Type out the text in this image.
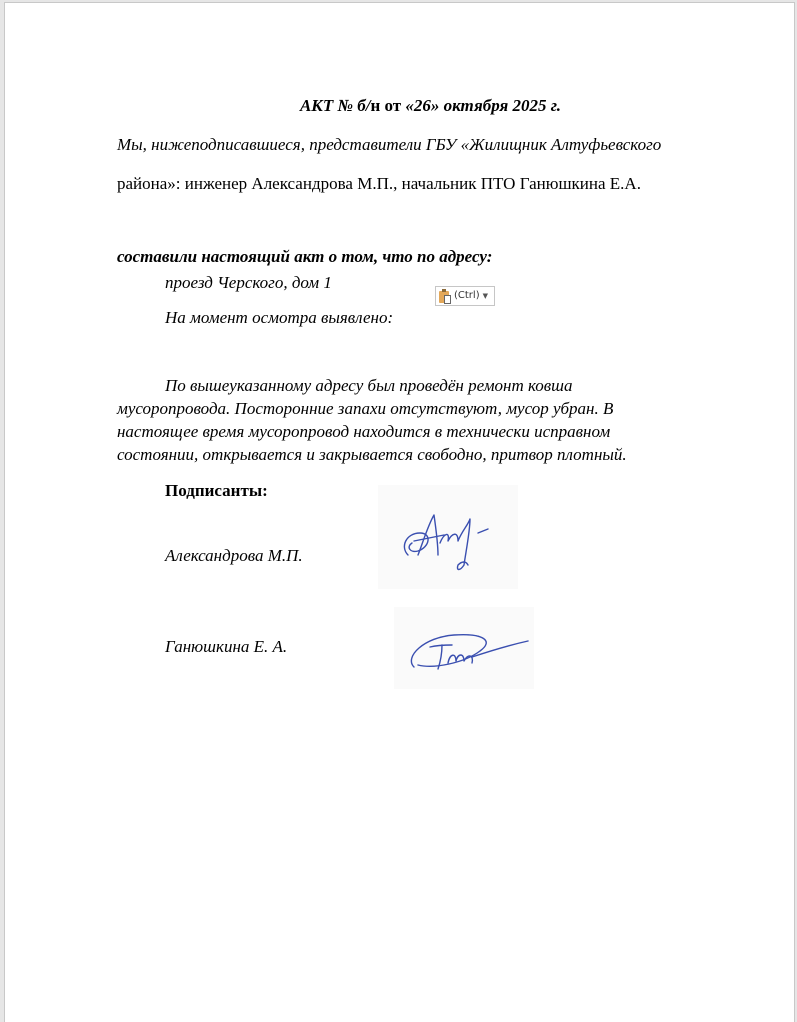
АКТ № б/н от «26» октября 2025 г.
Мы, нижеподписавшиеся, представители ГБУ «Жилищник Алтуфьевского
района»: инженер Александрова М.П., начальник ПТО Ганюшкина Е.А.
составили настоящий акт о том, что по адресу:
проезд Черского, дом 1
На момент осмотра выявлено:
(Ctrl) ▼
По вышеуказанному адресу был проведён ремонт ковша
мусоропровода. Посторонние запахи отсутствуют, мусор убран. В
настоящее время мусоропровод находится в технически исправном
состоянии, открывается и закрывается свободно, притвор плотный.
Подписанты:
Александрова М.П.
Ганюшкина Е. А.
